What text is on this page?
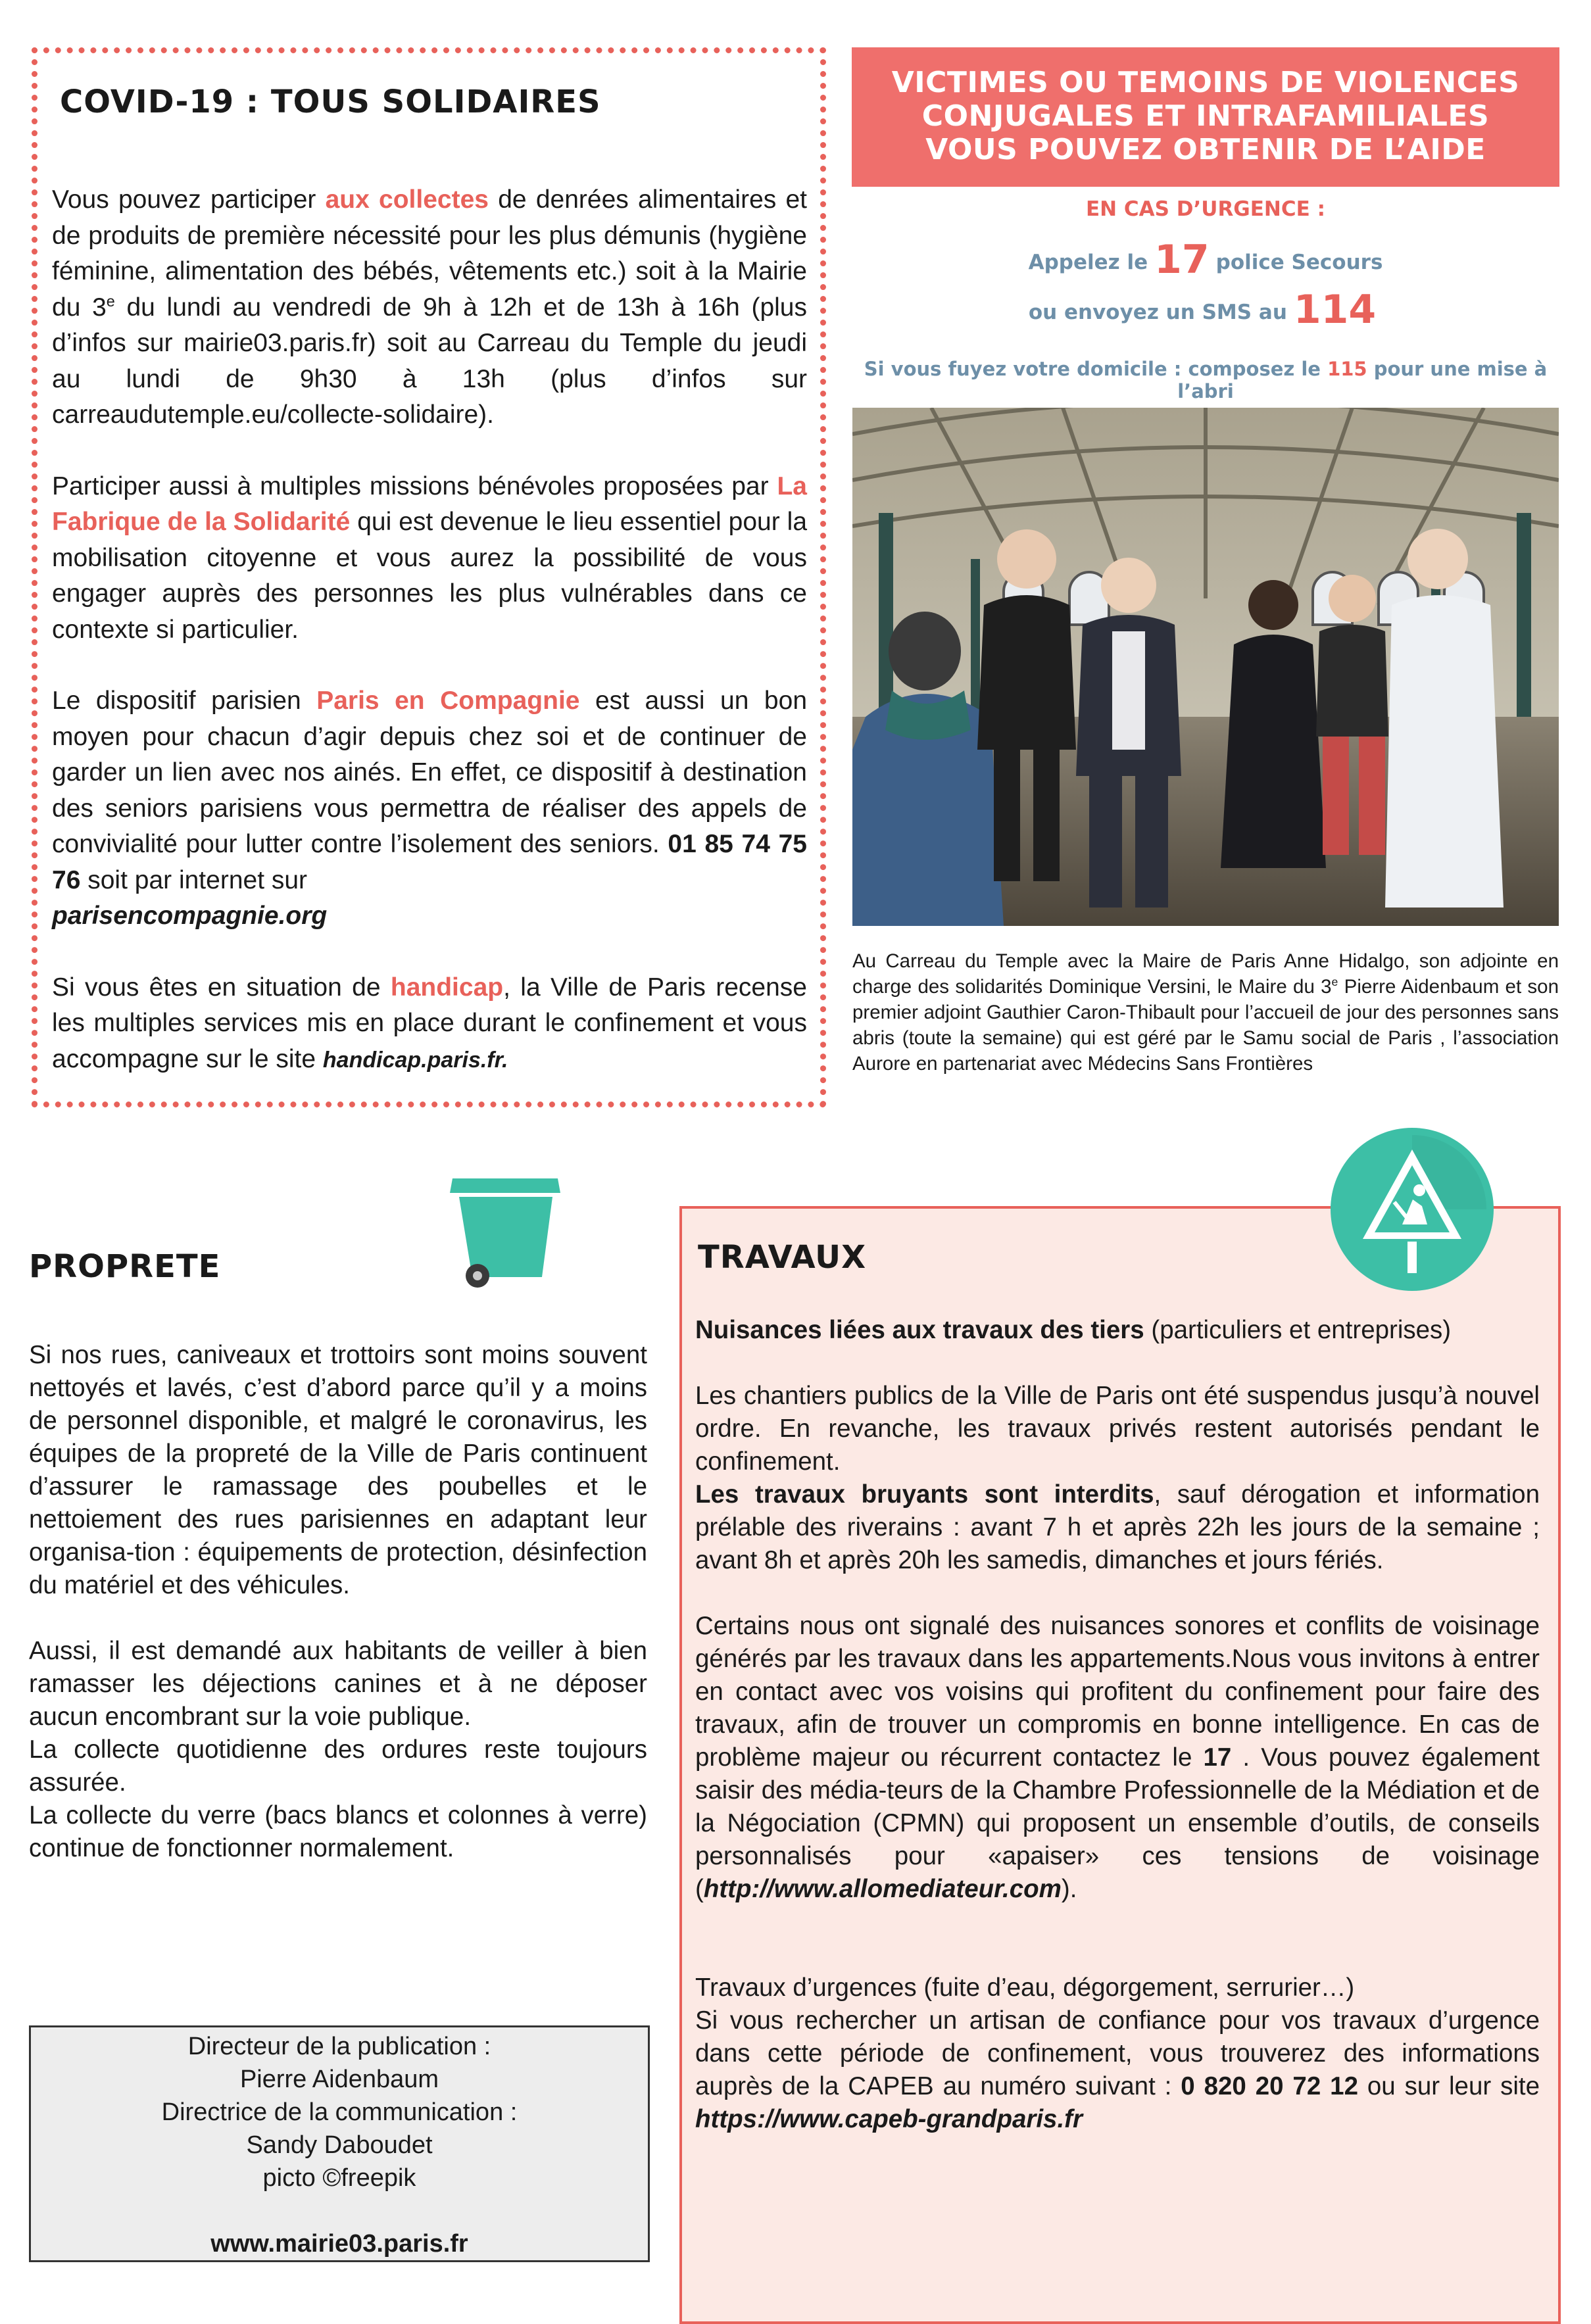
COVID-19 : TOUS SOLIDAIRES

Vous pouvez participer aux collectes de denrées alimentaires et de produits de première nécessité pour les plus démunis (hygiène féminine, alimentation des bébés, vêtements etc.) soit à la Mairie du 3e du lundi au vendredi de 9h à 12h et de 13h à 16h (plus d’infos sur mairie03.paris.fr) soit au Carreau du Temple du jeudi au lundi de 9h30 à 13h (plus d’infos sur carreaudutemple.eu/collecte-solidaire).

Participer aussi à multiples missions bénévoles proposées par La Fabrique de la Solidarité qui est devenue le lieu essentiel pour la mobilisation citoyenne et vous aurez la possibilité de vous engager auprès des personnes les plus vulnérables dans ce contexte si particulier.

Le dispositif parisien Paris en Compagnie est aussi un bon moyen pour chacun d’agir depuis chez soi et de continuer de garder un lien avec nos ainés. En effet, ce dispositif à destination des seniors parisiens vous permettra de réaliser des appels de convivialité pour lutter contre l’isolement des seniors. 01 85 74 75 76 soit par internet sur
parisencompagnie.org

Si vous êtes en situation de handicap, la Ville de Paris recense les multiples services mis en place durant le confinement et vous accompagne sur le site handicap.paris.fr.

VICTIMES OU TEMOINS DE VIOLENCES
CONJUGALES ET INTRAFAMILIALES
VOUS POUVEZ OBTENIR DE L’AIDE
EN CAS D’URGENCE :
Appelez le 17 police Secours
ou envoyez un SMS au 114
Si vous fuyez votre domicile : composez le 115 pour une mise à l’abri
Au Carreau du Temple avec la Maire de Paris Anne Hidalgo, son adjointe en charge des solidarités Dominique Versini, le Maire du 3e Pierre Aidenbaum et son premier adjoint Gauthier Caron-Thibault pour l’accueil de jour des personnes sans abris (toute la semaine) qui est géré par le Samu social de Paris , l’association Aurore en partenariat avec Médecins Sans Frontières
PROPRETE

Si nos rues, caniveaux et trottoirs sont moins souvent nettoyés et lavés, c’est d’abord parce qu’il y a moins de personnel disponible, et malgré le coronavirus, les équipes de la propreté de la Ville de Paris continuent d’assurer le ramassage des poubelles et le nettoiement des rues parisiennes en adaptant leur organisa-tion : équipements de protection, désinfection du matériel et des véhicules.

Aussi, il est demandé aux habitants de veiller à bien ramasser les déjections canines et à ne déposer aucun encombrant sur la voie publique.

La collecte quotidienne des ordures reste toujours assurée.

La collecte du verre (bacs blancs et colonnes à verre) continue de fonctionner normalement.

Directeur de la publication :
Pierre Aidenbaum
Directrice de la communication :
Sandy Daboudet
picto ©freepik
www.mairie03.paris.fr
TRAVAUX

Nuisances liées aux travaux des tiers (particuliers et entreprises)

Les chantiers publics de la Ville de Paris ont été suspendus jusqu’à nouvel ordre. En revanche, les travaux privés restent autorisés pendant le confinement.

Les travaux bruyants sont interdits, sauf dérogation et information prélable des riverains : avant 7 h et après 22h les jours de la semaine ; avant 8h et après 20h les samedis, dimanches et jours fériés.

Certains nous ont signalé des nuisances sonores et conflits de voisinage générés par les travaux dans les appartements.Nous vous invitons à entrer en contact avec vos voisins qui profitent du confinement pour faire des travaux, afin de trouver un compromis en bonne intelligence. En cas de problème majeur ou récurrent contactez le 17 . Vous pouvez également saisir des média-teurs de la Chambre Professionnelle de la Médiation et de la Négociation (CPMN) qui proposent un ensemble d’outils, de conseils personnalisés pour «apaiser» ces tensions de voisinage (http://www.allomediateur.com).

Travaux d’urgences (fuite d’eau, dégorgement, serrurier…)

Si vous rechercher un artisan de confiance pour vos travaux d’urgence dans cette période de confinement, vous trouverez des informations auprès de la CAPEB au numéro suivant : 0 820 20 72 12 ou sur leur site https://www.capeb-grandparis.fr
